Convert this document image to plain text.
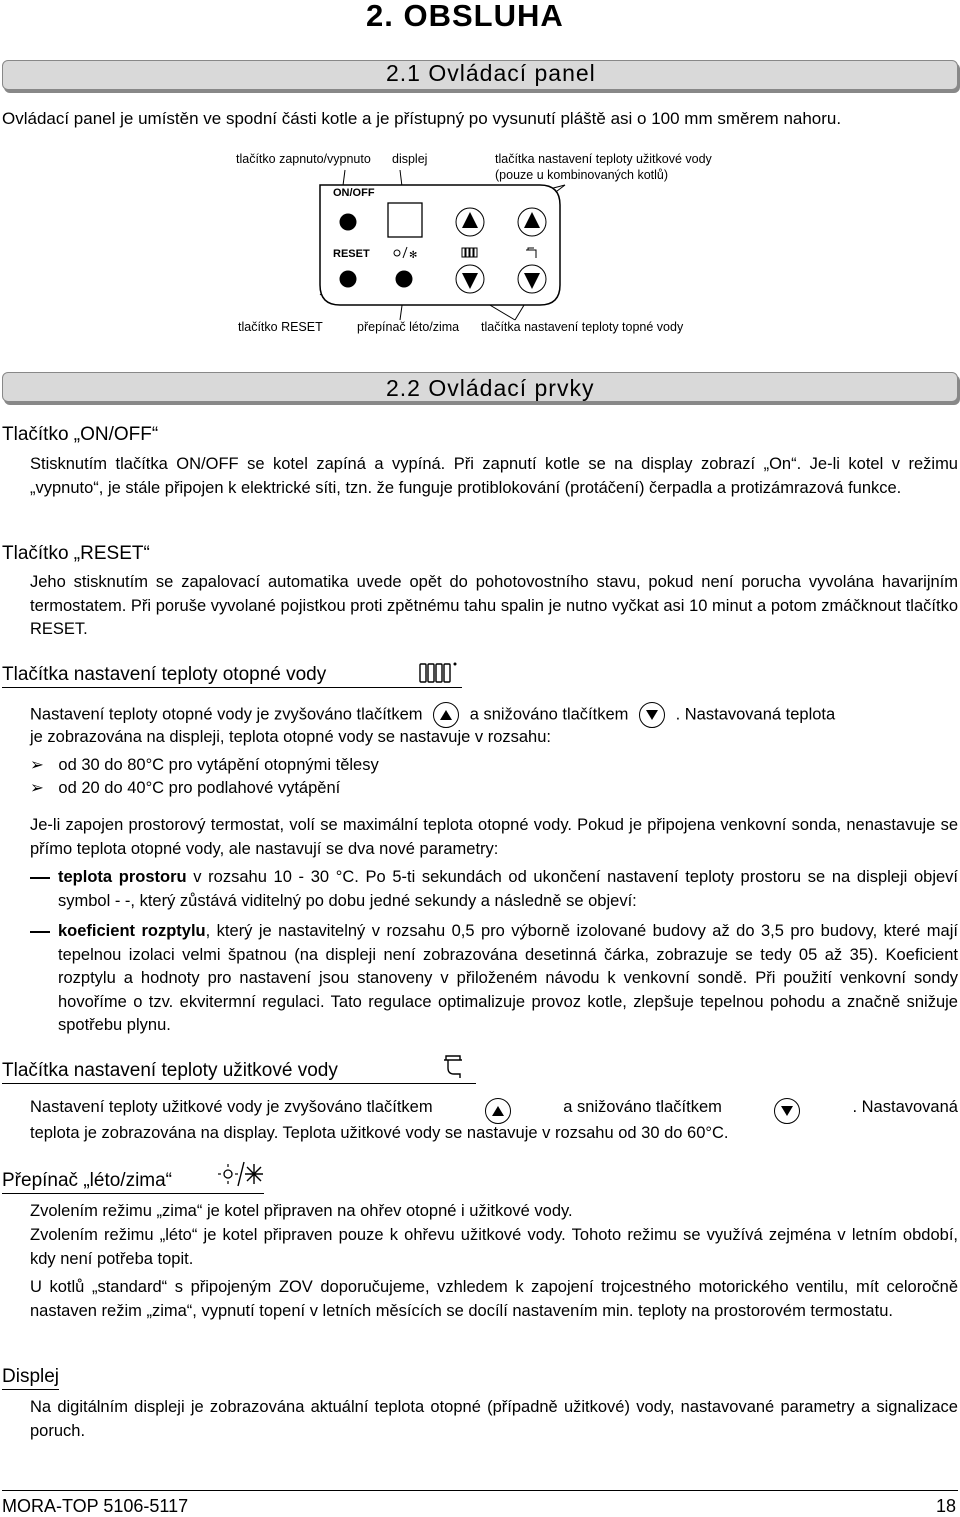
2. OBSLUHA
2.1 Ovládací panel
Ovládací panel je umístěn ve spodní části kotle a je přístupný po vysunutí pláště asi o 100 mm směrem nahoru.
tlačítko zapnuto/vypnuto displej	tlačítka nastavení teploty užitkové vody
(pouze u kombinovaných kotlů)
✻
ON/OFF
RESET
tlačítko RESET	přepínač léto/zima tlačítka nastavení teploty topné vody
2.2 Ovládací prvky
Tlačítko „ON/OFF“
Stisknutím tlačítka ON/OFF se kotel zapíná a vypíná. Při zapnutí kotle se na display zobrazí „On“. Je-li kotel v režimu „vypnuto“, je stále připojen k elektrické síti, tzn. že funguje protiblokování (protáčení) čerpadla a protizámrazová funkce.
Tlačítko „RESET“
Jeho stisknutím se zapalovací automatika uvede opět do pohotovostního stavu, pokud není porucha vyvolána havarijním termostatem. Při poruše vyvolané pojistkou proti zpětnému tahu spalin je nutno vyčkat asi 10 minut a potom zmáčknout tlačítko RESET.
Tlačítka nastavení teploty otopné vody
Nastavení teploty otopné vody je zvyšováno tlačítkem	a snižováno tlačítkem	. Nastavovaná teplota
je zobrazována na displeji, teplota otopné vody se nastavuje v rozsahu:
➢ od 30 do 80°C pro vytápění otopnými tělesy
➢ od 20 do 40°C pro podlahové vytápění
Je-li zapojen prostorový termostat, volí se maximální teplota otopné vody. Pokud je připojena venkovní sonda, nenastavuje se přímo teplota otopné vody, ale nastavují se dva nové parametry:
teplota prostoru v rozsahu 10 - 30 °C. Po 5-ti sekundách od ukončení nastavení teploty prostoru se na displeji objeví symbol - -, který zůstává viditelný po dobu jedné sekundy a následně se objeví:
koeficient rozptylu, který je nastavitelný v rozsahu 0,5 pro výborně izolované budovy až do 3,5 pro budovy, které mají tepelnou izolaci velmi špatnou (na displeji není zobrazována desetinná čárka, zobrazuje se tedy 05 až 35). Koeficient rozptylu a hodnoty pro nastavení jsou stanoveny v přiloženém návodu k venkovní sondě. Při použití venkovní sondy hovoříme o tzv. ekvitermní regulaci. Tato regulace optimalizuje provoz kotle, zlepšuje tepelnou pohodu a značně snižuje spotřebu plynu.
Tlačítka nastavení teploty užitkové vody
Nastavení teploty užitkové vody je zvyšováno tlačítkem	a snižováno tlačítkem	. Nastavovaná
teplota je zobrazována na display. Teplota užitkové vody se nastavuje v rozsahu od 30 do 60°C.
Přepínač „léto/zima“
Zvolením režimu „zima“ je kotel připraven na ohřev otopné i užitkové vody.
Zvolením režimu „léto“ je kotel připraven pouze k ohřevu užitkové vody. Tohoto režimu se využívá zejména v letním období, kdy není potřeba topit.
U kotlů „standard“ s připojeným ZOV doporučujeme, vzhledem k zapojení trojcestného motorického ventilu, mít celoročně nastaven režim „zima“, vypnutí topení v letních měsících se docílí nastavením min. teploty na prostorovém termostatu.
Displej
Na digitálním displeji je zobrazována aktuální teplota otopné (případně užitkové) vody, nastavované parametry a signalizace poruch.
MORA-TOP 5106-5117	18
